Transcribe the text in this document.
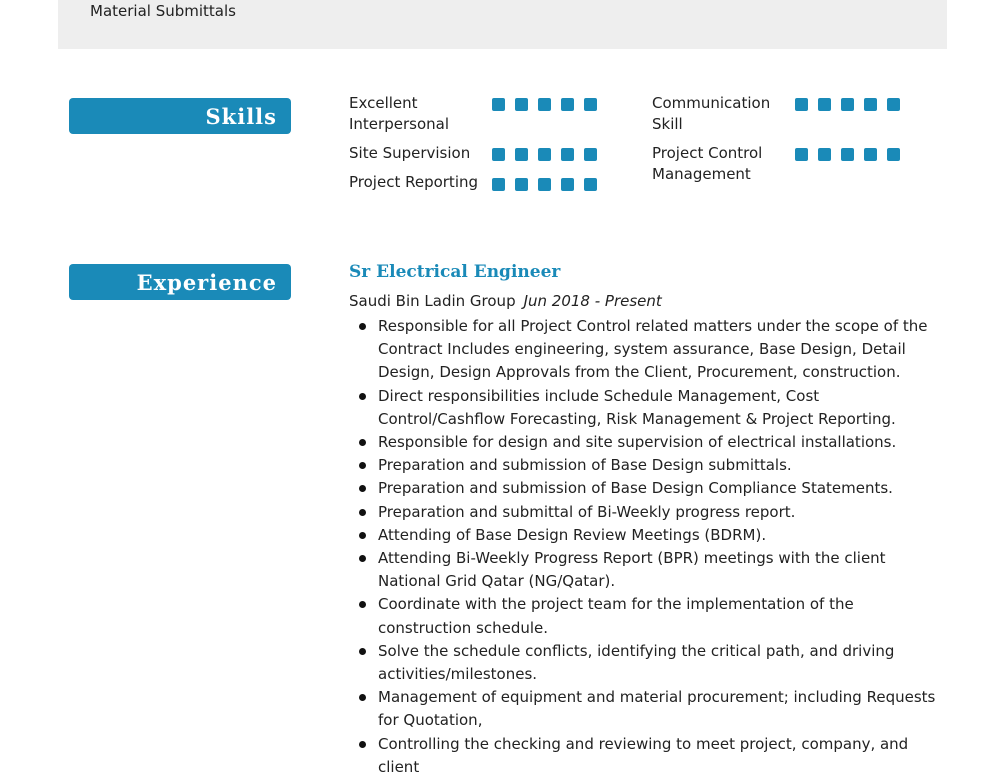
Material Submittals
Skills
Excellent Interpersonal
Communication Skill
Site Supervision	Project Control Management
Project Reporting
Experience	Sr Electrical Engineer
Saudi Bin Ladin Group Jun 2018 - Present
Responsible for all Project Control related matters under the scope of the Contract Includes engineering, system assurance, Base Design, Detail Design, Design Approvals from the Client, Procurement, construction.
Direct responsibilities include Schedule Management, Cost Control/Cashflow Forecasting, Risk Management & Project Reporting.
Responsible for design and site supervision of electrical installations.
Preparation and submission of Base Design submittals.
Preparation and submission of Base Design Compliance Statements.
Preparation and submittal of Bi-Weekly progress report.
Attending of Base Design Review Meetings (BDRM).
Attending Bi-Weekly Progress Report (BPR) meetings with the client National Grid Qatar (NG/Qatar).
Coordinate with the project team for the implementation of the construction schedule.
Solve the schedule conflicts, identifying the critical path, and driving activities/milestones.
Management of equipment and material procurement; including Requests for Quotation,
Controlling the checking and reviewing to meet project, company, and client
